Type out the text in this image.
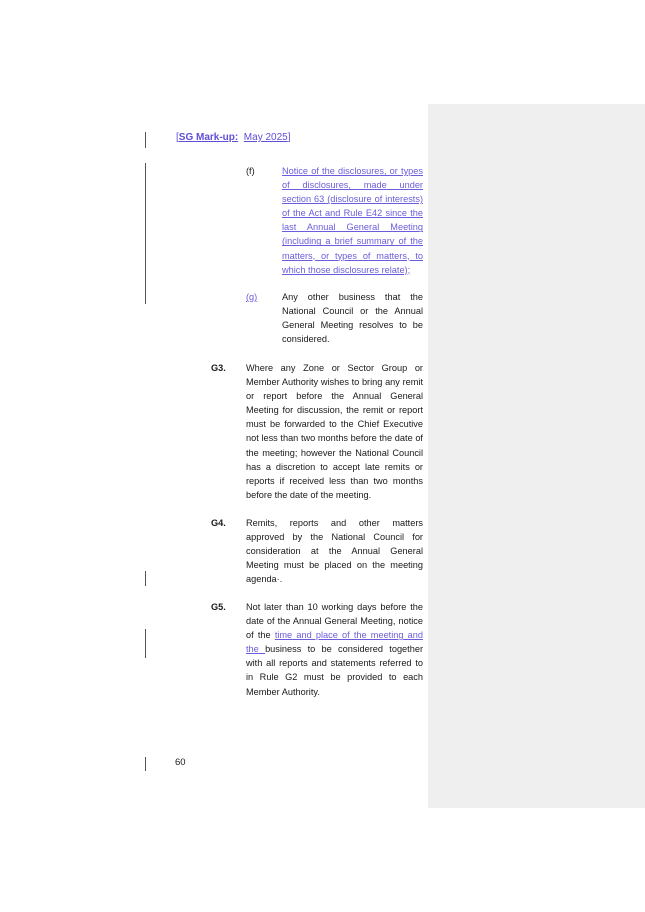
[SG Mark-up: May 2025]
(f)	Notice of the disclosures, or types of disclosures, made under section 63 (disclosure of interests) of the Act and Rule E42 since the last Annual General Meeting (including a brief summary of the matters, or types of matters, to which those disclosures relate);
(g)	Any other business that the National Council or the Annual General Meeting resolves to be considered.
G3. Where any Zone or Sector Group or Member Authority wishes to bring any remit or report before the Annual General Meeting for discussion, the remit or report must be forwarded to the Chief Executive not less than two months before the date of the meeting; however the National Council has a discretion to accept late remits or reports if received less than two months before the date of the meeting.
G4. Remits, reports and other matters approved by the National Council for consideration at the Annual General Meeting must be placed on the meeting agenda·.
G5. Not later than 10 working days before the date of the Annual General Meeting, notice of the time and place of the meeting and the business to be considered together with all reports and statements referred to in Rule G2 must be provided to each Member Authority.
60
